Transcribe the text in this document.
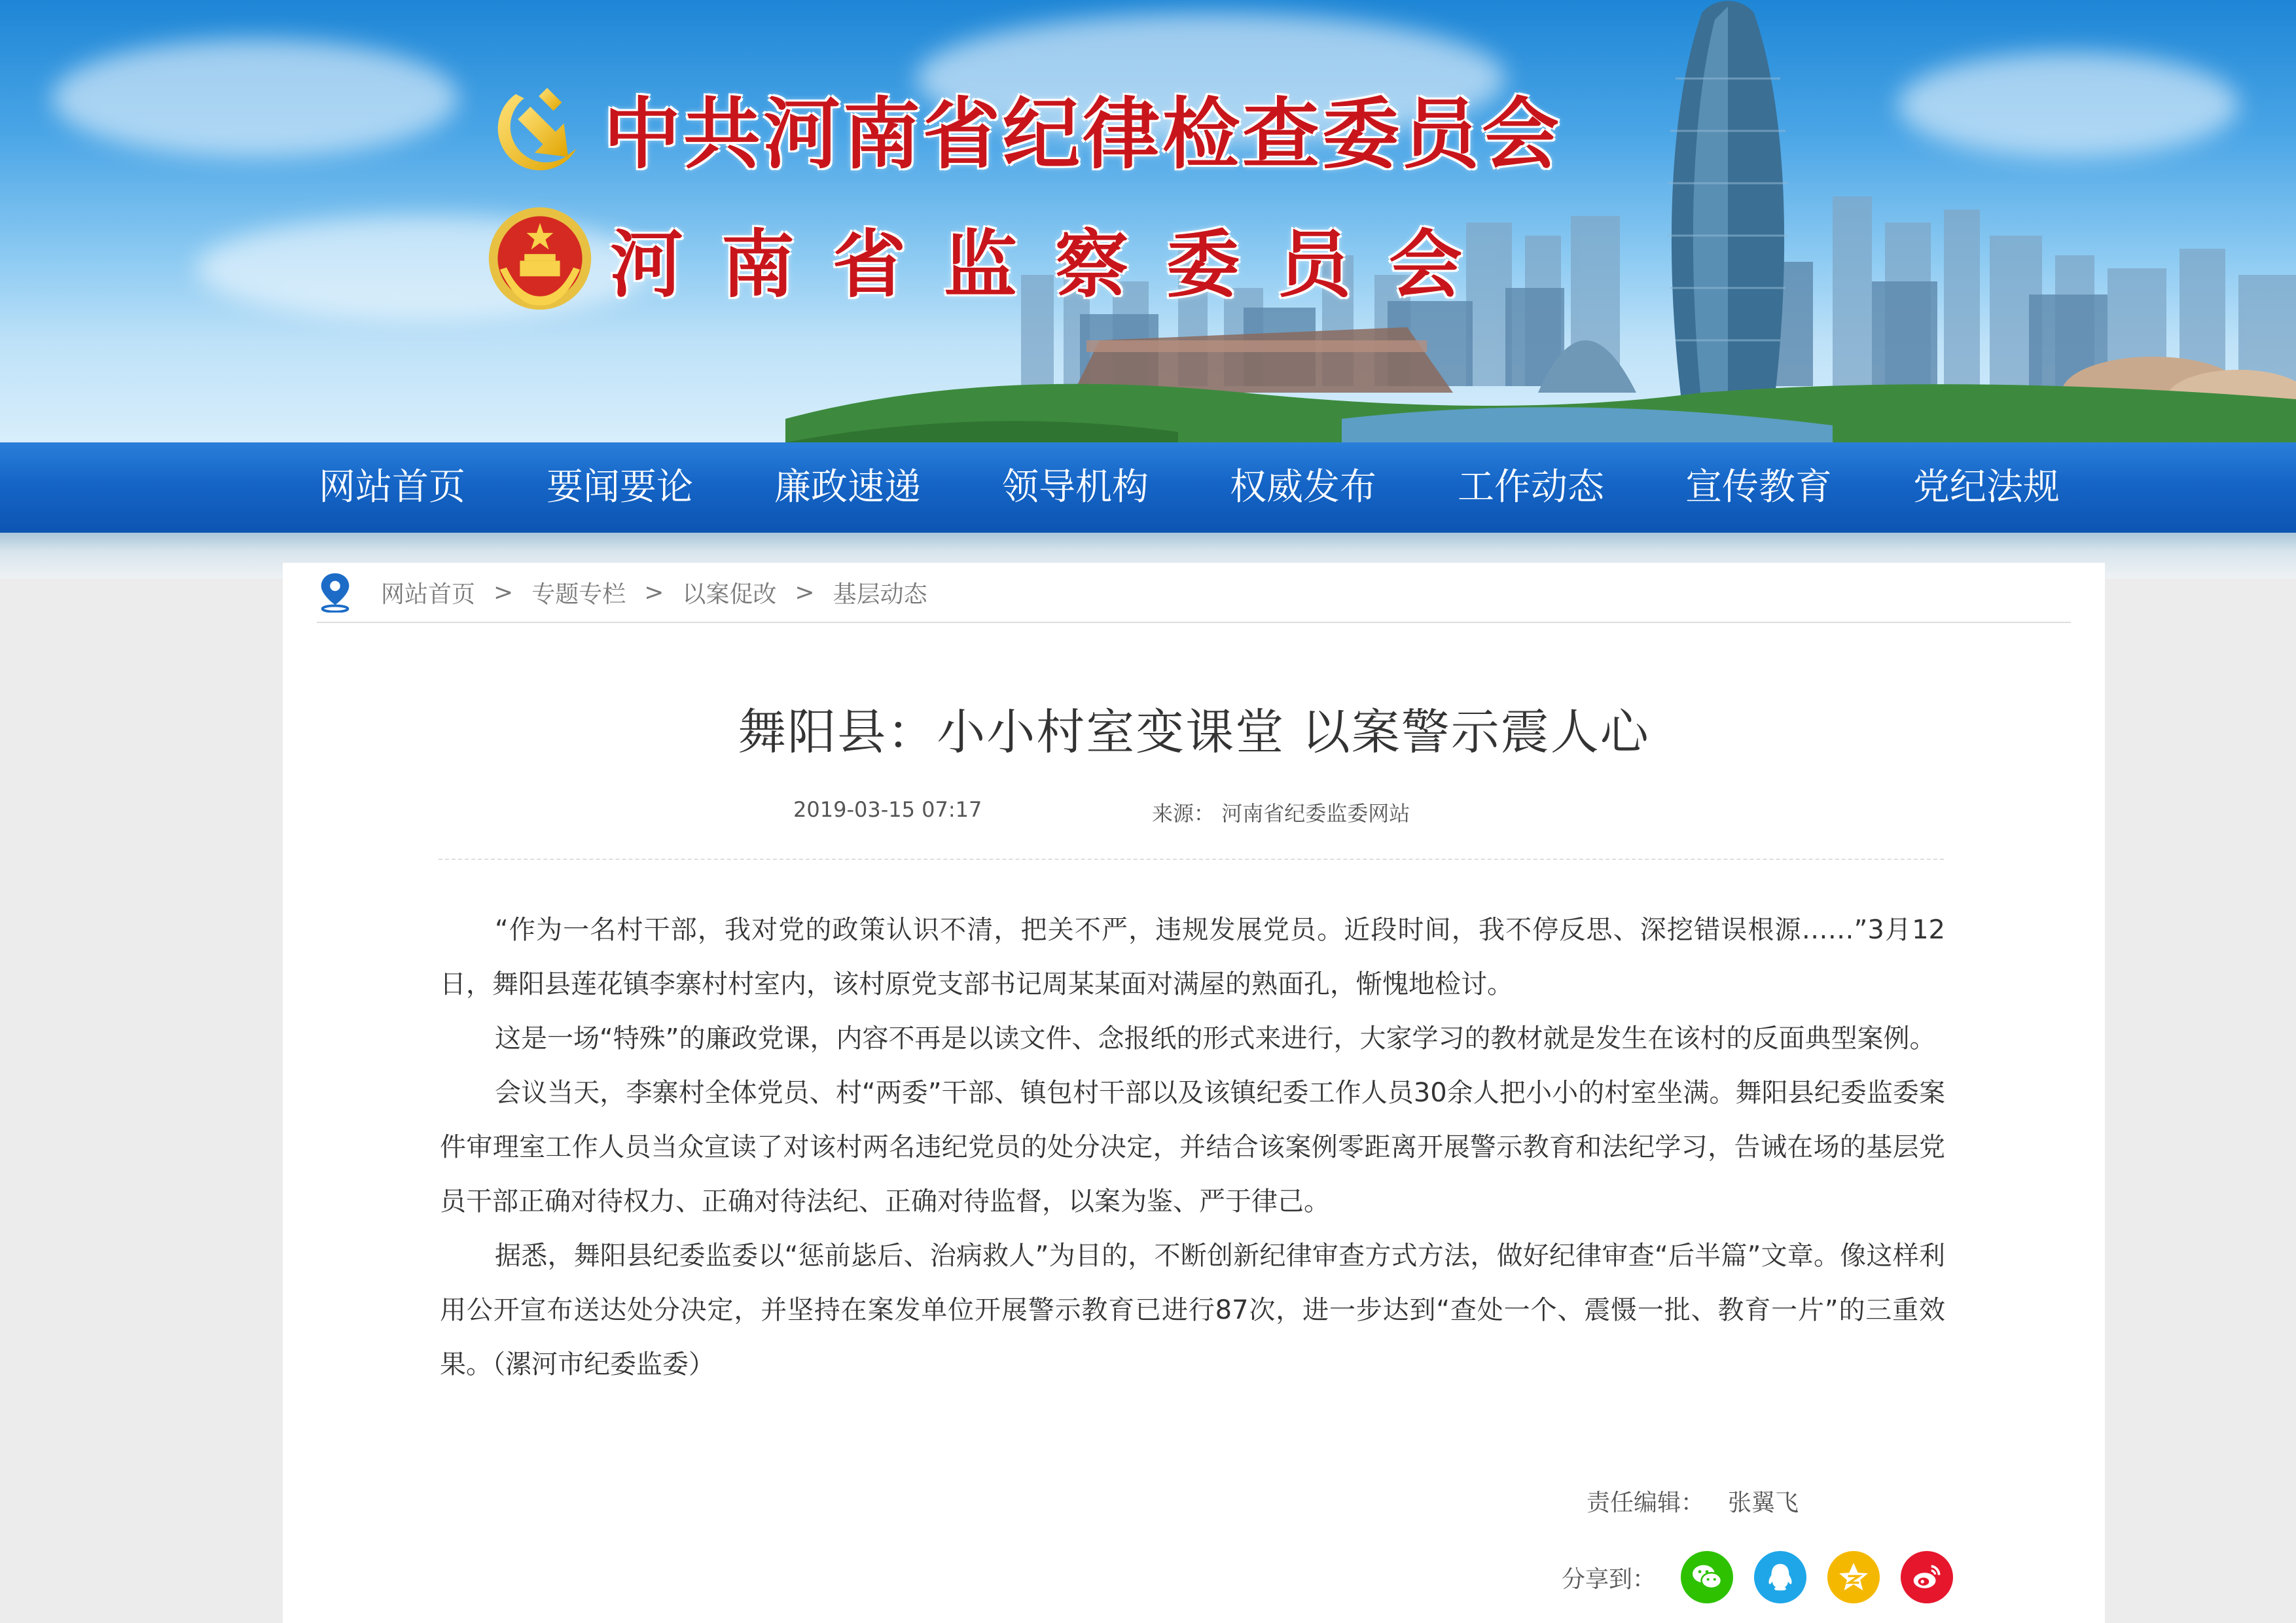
中共河南省纪律检查委员会
河南省监察委员会
网站首页	要闻要论	廉政速递	领导机构	权威发布	工作动态	宣传教育	党纪法规
网站首页 > 专题专栏 > 以案促改 > 基层动态
舞阳县：小小村室变课堂 以案警示震人心
2019-03-15 07:17	来源： 河南省纪委监委网站

“作为一名村干部，我对党的政策认识不清，把关不严，违规发展党员。近段时间，我不停反思、深挖错误根源……”3月12日，舞阳县莲花镇李寨村村室内，该村原党支部书记周某某面对满屋的熟面孔，惭愧地检讨。

这是一场“特殊”的廉政党课，内容不再是以读文件、念报纸的形式来进行，大家学习的教材就是发生在该村的反面典型案例。

会议当天，李寨村全体党员、村“两委”干部、镇包村干部以及该镇纪委工作人员30余人把小小的村室坐满。舞阳县纪委监委案件审理室工作人员当众宣读了对该村两名违纪党员的处分决定，并结合该案例零距离开展警示教育和法纪学习，告诫在场的基层党员干部正确对待权力、正确对待法纪、正确对待监督，以案为鉴、严于律己。

据悉，舞阳县纪委监委以“惩前毖后、治病救人”为目的，不断创新纪律审查方式方法，做好纪律审查“后半篇”文章。像这样利用公开宣布送达处分决定，并坚持在案发单位开展警示教育已进行87次，进一步达到“查处一个、震慑一批、教育一片”的三重效果。（漯河市纪委监委）

责任编辑： 张翼飞
分享到：
